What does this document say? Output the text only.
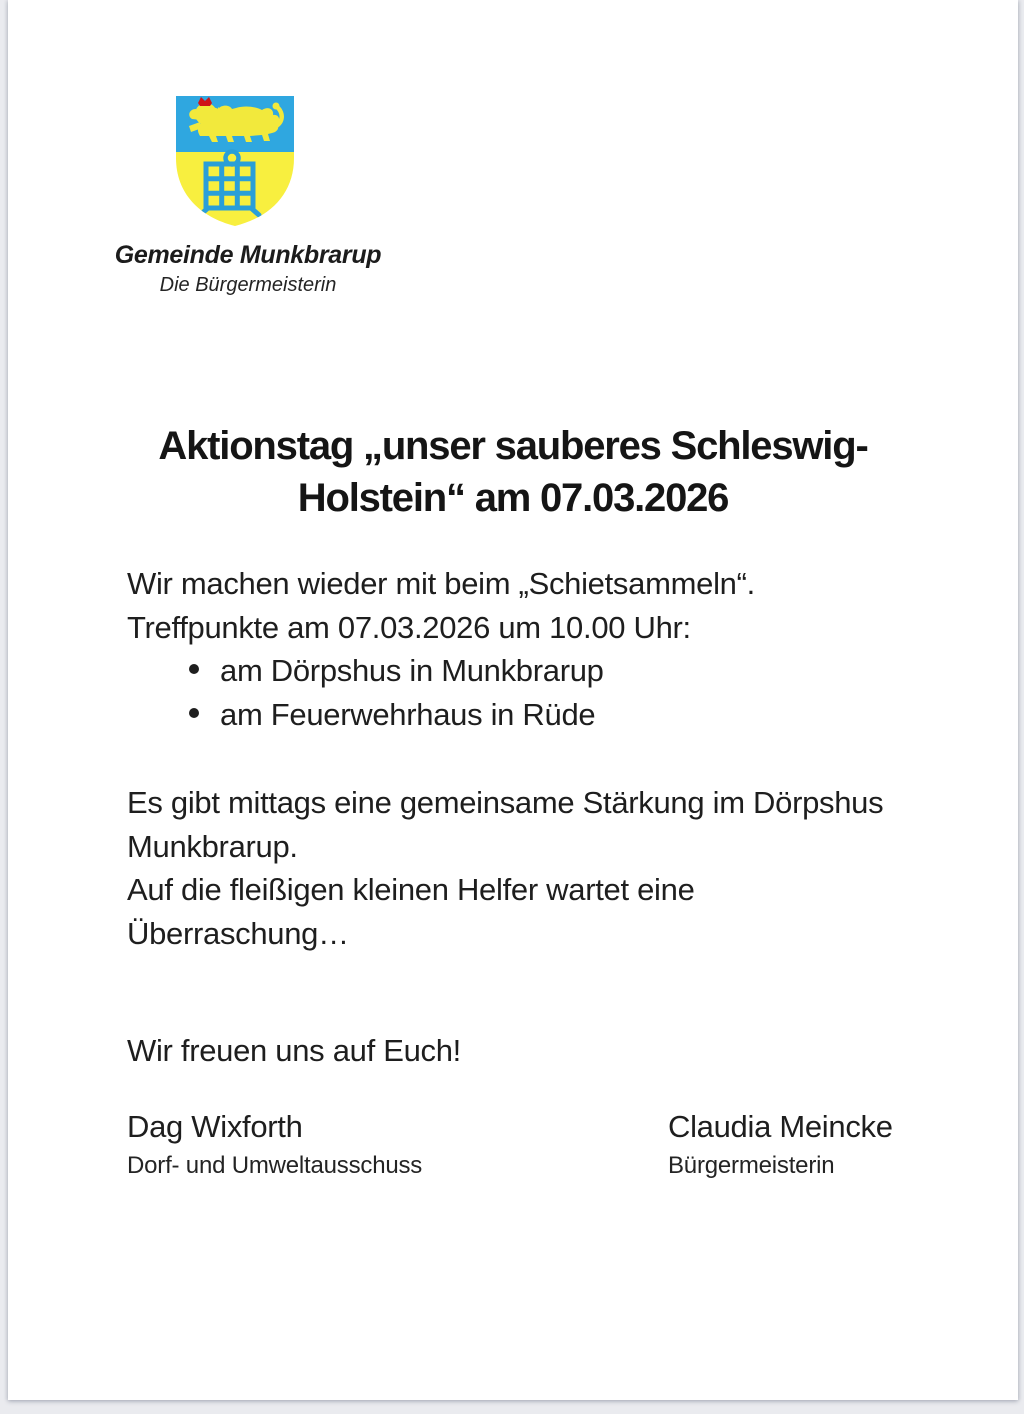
Gemeinde Munkbrarup
Die Bürgermeisterin
Aktionstag „unser sauberes Schleswig-
Holstein“ am 07.03.2026
Wir machen wieder mit beim „Schietsammeln“.
Treffpunkte am 07.03.2026 um 10.00 Uhr:
am Dörpshus in Munkbrarup
am Feuerwehrhaus in Rüde
Es gibt mittags eine gemeinsame Stärkung im Dörpshus
Munkbrarup.
Auf die fleißigen kleinen Helfer wartet eine
Überraschung…
Wir freuen uns auf Euch!
Dag Wixforth
Dorf- und Umweltausschuss
Claudia Meincke
Bürgermeisterin
